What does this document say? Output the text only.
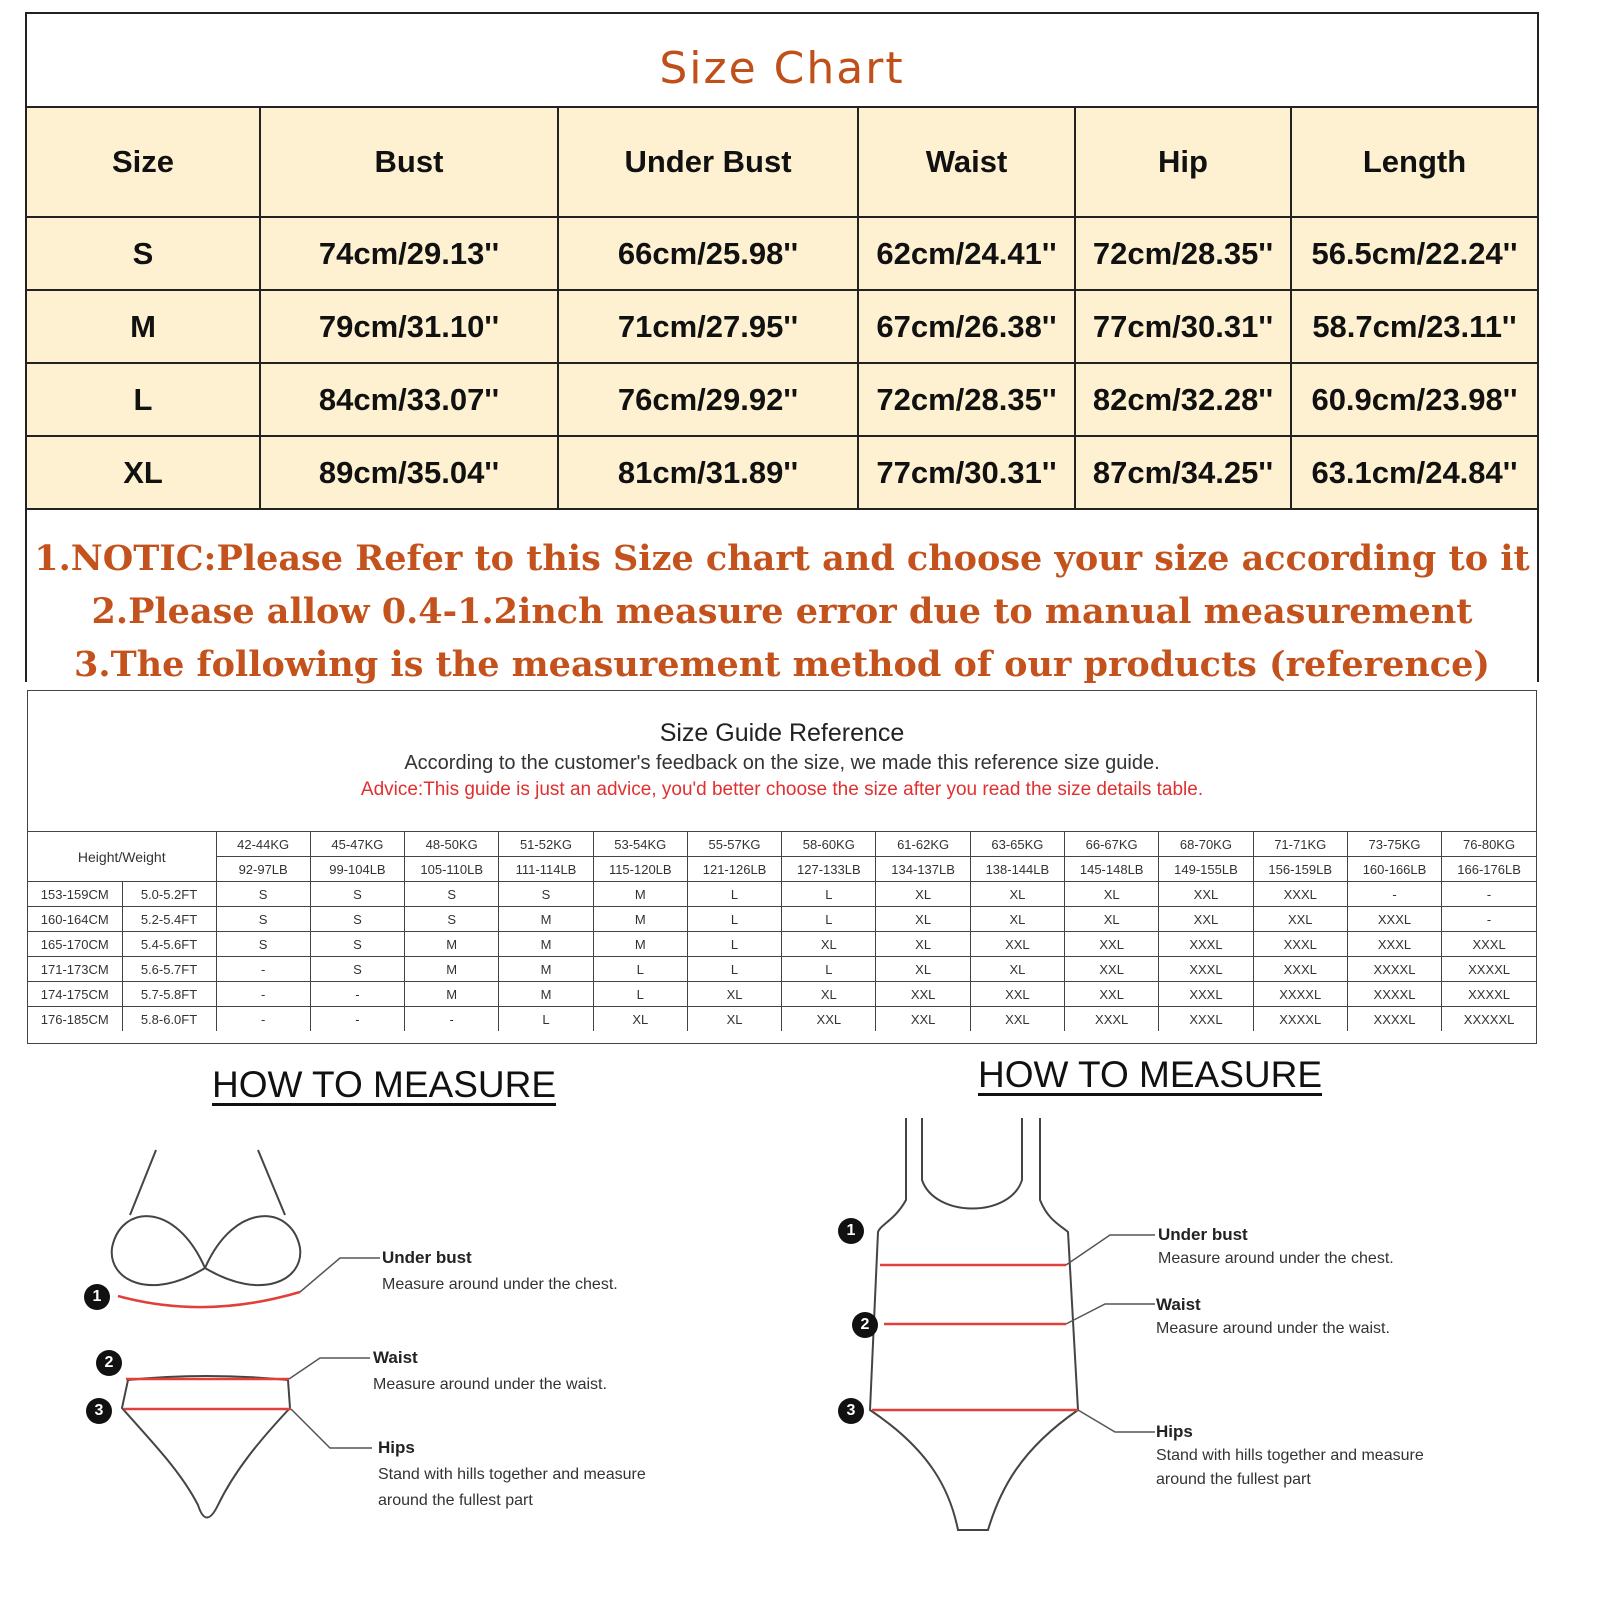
Size Chart
Size	Bust	Under Bust	Waist	Hip	Length
S	74cm/29.13''	66cm/25.98''	62cm/24.41''	72cm/28.35''	56.5cm/22.24''
M	79cm/31.10''	71cm/27.95''	67cm/26.38''	77cm/30.31''	58.7cm/23.11''
L	84cm/33.07''	76cm/29.92''	72cm/28.35''	82cm/32.28''	60.9cm/23.98''
XL	89cm/35.04''	81cm/31.89''	77cm/30.31''	87cm/34.25''	63.1cm/24.84''
1.NOTIC:Please Refer to this Size chart and choose your size according to it
2.Please allow 0.4-1.2inch measure error due to manual measurement
3.The following is the measurement method of our products (reference)
Size Guide Reference
According to the customer's feedback on the size, we made this reference size guide.
Advice:This guide is just an advice, you'd better choose the size after you read the size details table.
Height/Weight		42-44KG	45-47KG	48-50KG	51-52KG	53-54KG	55-57KG	58-60KG	61-62KG	63-65KG	66-67KG	68-70KG	71-71KG	73-75KG	76-80KG
		92-97LB	99-104LB	105-110LB	111-114LB	115-120LB	121-126LB	127-133LB	134-137LB	138-144LB	145-148LB	149-155LB	156-159LB	160-166LB	166-176LB
153-159CM	5.0-5.2FT	S	S	S	S	M	L	L	XL	XL	XL	XXL	XXXL	-	-
160-164CM	5.2-5.4FT	S	S	S	M	M	L	L	XL	XL	XL	XXL	XXL	XXXL	-
165-170CM	5.4-5.6FT	S	S	M	M	M	L	XL	XL	XXL	XXL	XXXL	XXXL	XXXL	XXXL
171-173CM	5.6-5.7FT	-	S	M	M	L	L	L	XL	XL	XXL	XXXL	XXXL	XXXXL	XXXXL
174-175CM	5.7-5.8FT	-	-	M	M	L	XL	XL	XXL	XXL	XXL	XXXL	XXXXL	XXXXL	XXXXL
176-185CM	5.8-6.0FT	-	-	-	L	XL	XL	XXL	XXL	XXL	XXXL	XXXL	XXXXL	XXXXL	XXXXXL
HOW TO MEASURE	HOW TO MEASURE
1
2
3
Under bust
Measure around under the chest.
Waist
Measure around under the waist.
Hips
Stand with hills together and measure
around the fullest part
1
2
3
Under bust
Measure around under the chest.
Waist
Measure around under the waist.
Hips
Stand with hills together and measure
around the fullest part
